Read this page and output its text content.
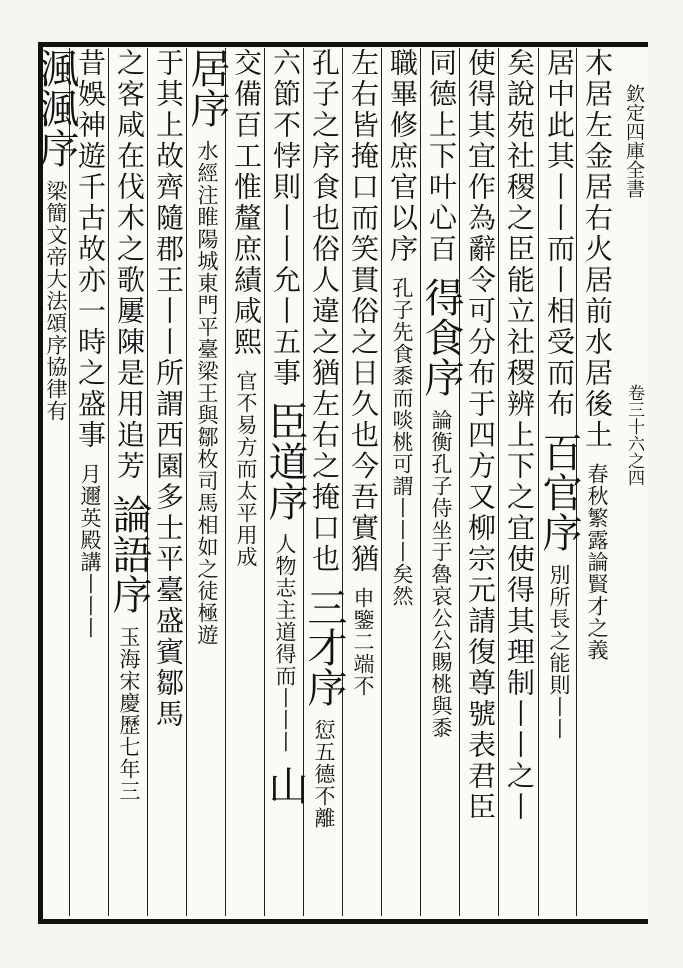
欽定四庫全書
卷三十六之四
木居左金居右火居前水居後土 春秋繁露論賢才之義
居中此其丨丨而丨相受而布 百官序 別所長之能則丨丨
矣說苑社稷之臣能立社稷辨上下之宜使得其理制丨丨之丨
使得其宜作為辭令可分布于四方又柳宗元請復尊號表君臣
同德上下叶心百 得食序 論衡孔子侍坐于魯哀公公賜桃與黍
職畢修庶官以序 孔子先食黍而啖桃可謂丨丨丨矣然
左右皆掩口而笑貫俗之日久也今吾實猶 申鑒二端不
孔子之序食也俗人違之猶左右之掩口也 三才序 愆五德不離
六節不悖則丨丨允丨五事 臣道序 人物志主道得而丨丨丨 山
交備百工惟釐庶績咸熙 官不易方而太平用成
居序 水經注睢陽城東門平臺梁王與鄒枚司馬相如之徒極遊
于其上故齊隨郡王丨丨所謂西園多士平臺盛賓鄒馬
之客咸在伐木之歌屢陳是用追芳 論語序 玉海宋慶歷七年三
昔娛神遊千古故亦一時之盛事 月邇英殿講丨丨丨
渢渢序 梁簡文帝大法頌序協律有
